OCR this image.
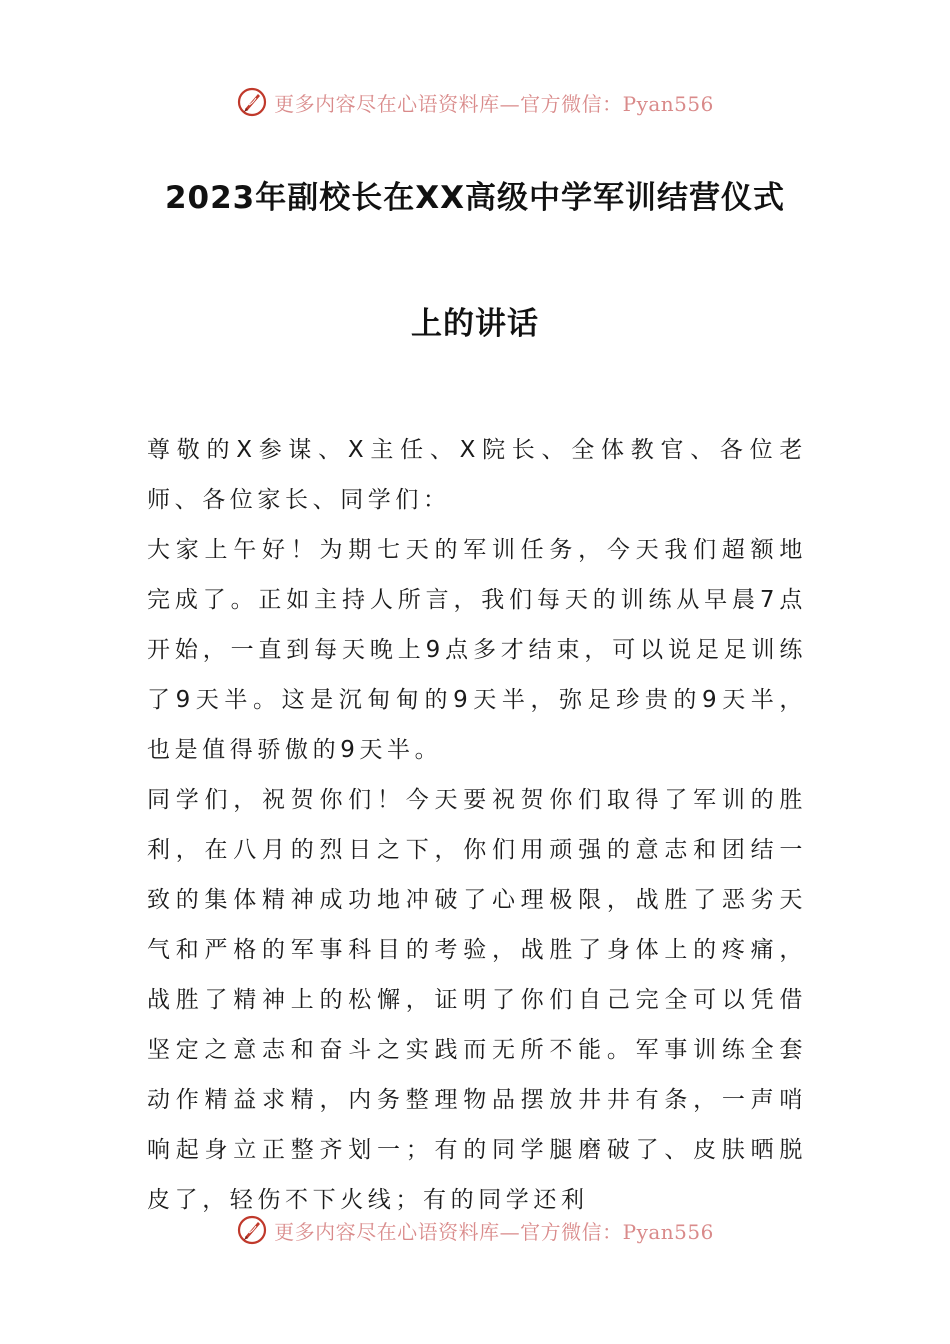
更多内容尽在心语资料库—官方微信：Pyan556
2023年副校长在XX高级中学军训结营仪式
上的讲话

尊敬的X参谋、X主任、X院长、全体教官、各位老师、各位家长、同学们：

大家上午好！为期七天的军训任务，今天我们超额地完成了。正如主持人所言，我们每天的训练从早晨7点开始，一直到每天晚上9点多才结束，可以说足足训练了9天半。这是沉甸甸的9天半，弥足珍贵的9天半，也是值得骄傲的9天半。

同学们，祝贺你们！今天要祝贺你们取得了军训的胜利，在八月的烈日之下，你们用顽强的意志和团结一致的集体精神成功地冲破了心理极限，战胜了恶劣天气和严格的军事科目的考验，战胜了身体上的疼痛，战胜了精神上的松懈，证明了你们自己完全可以凭借坚定之意志和奋斗之实践而无所不能。军事训练全套动作精益求精，内务整理物品摆放井井有条，一声哨响起身立正整齐划一；有的同学腿磨破了、皮肤晒脱皮了，轻伤不下火线；有的同学还利

更多内容尽在心语资料库—官方微信：Pyan556
